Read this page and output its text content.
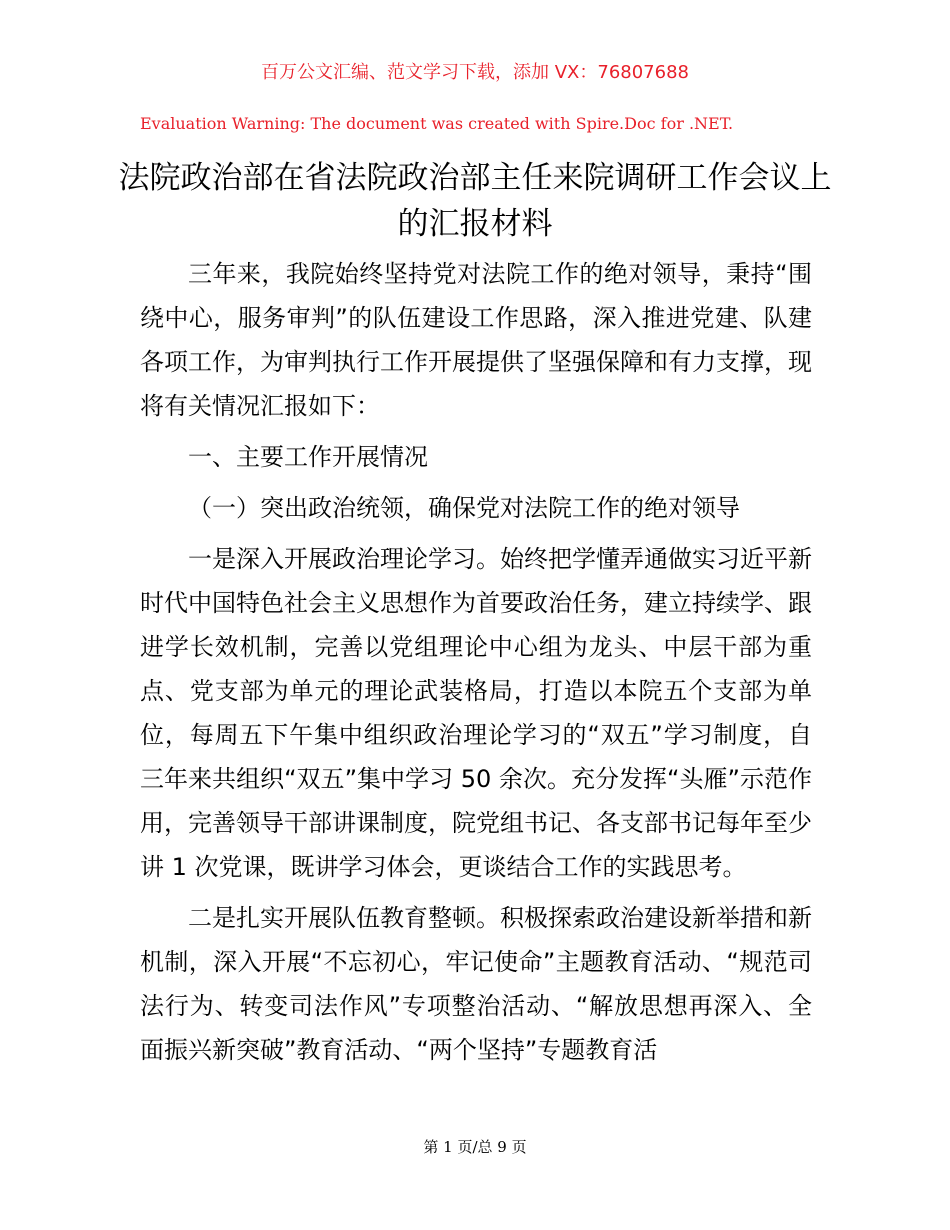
百万公文汇编、范文学习下载，添加 VX：76807688
Evaluation Warning: The document was created with Spire.Doc for .NET.
法院政治部在省法院政治部主任来院调研工作会议上的汇报材料

三年来，我院始终坚持党对法院工作的绝对领导，秉持“围绕中心，服务审判”的队伍建设工作思路，深入推进党建、队建各项工作，为审判执行工作开展提供了坚强保障和有力支撑，现将有关情况汇报如下：

一、主要工作开展情况

（一）突出政治统领，确保党对法院工作的绝对领导

一是深入开展政治理论学习。始终把学懂弄通做实习近平新时代中国特色社会主义思想作为首要政治任务，建立持续学、跟进学长效机制，完善以党组理论中心组为龙头、中层干部为重点、党支部为单元的理论武装格局，打造以本院五个支部为单位，每周五下午集中组织政治理论学习的“双五”学习制度，自三年来共组织“双五”集中学习 50 余次。充分发挥“头雁”示范作用，完善领导干部讲课制度，院党组书记、各支部书记每年至少讲 1 次党课，既讲学习体会，更谈结合工作的实践思考。

二是扎实开展队伍教育整顿。积极探索政治建设新举措和新机制，深入开展“不忘初心，牢记使命”主题教育活动、“规范司法行为、转变司法作风”专项整治活动、“解放思想再深入、全面振兴新突破”教育活动、“两个坚持”专题教育活

第 1 页/总 9 页
